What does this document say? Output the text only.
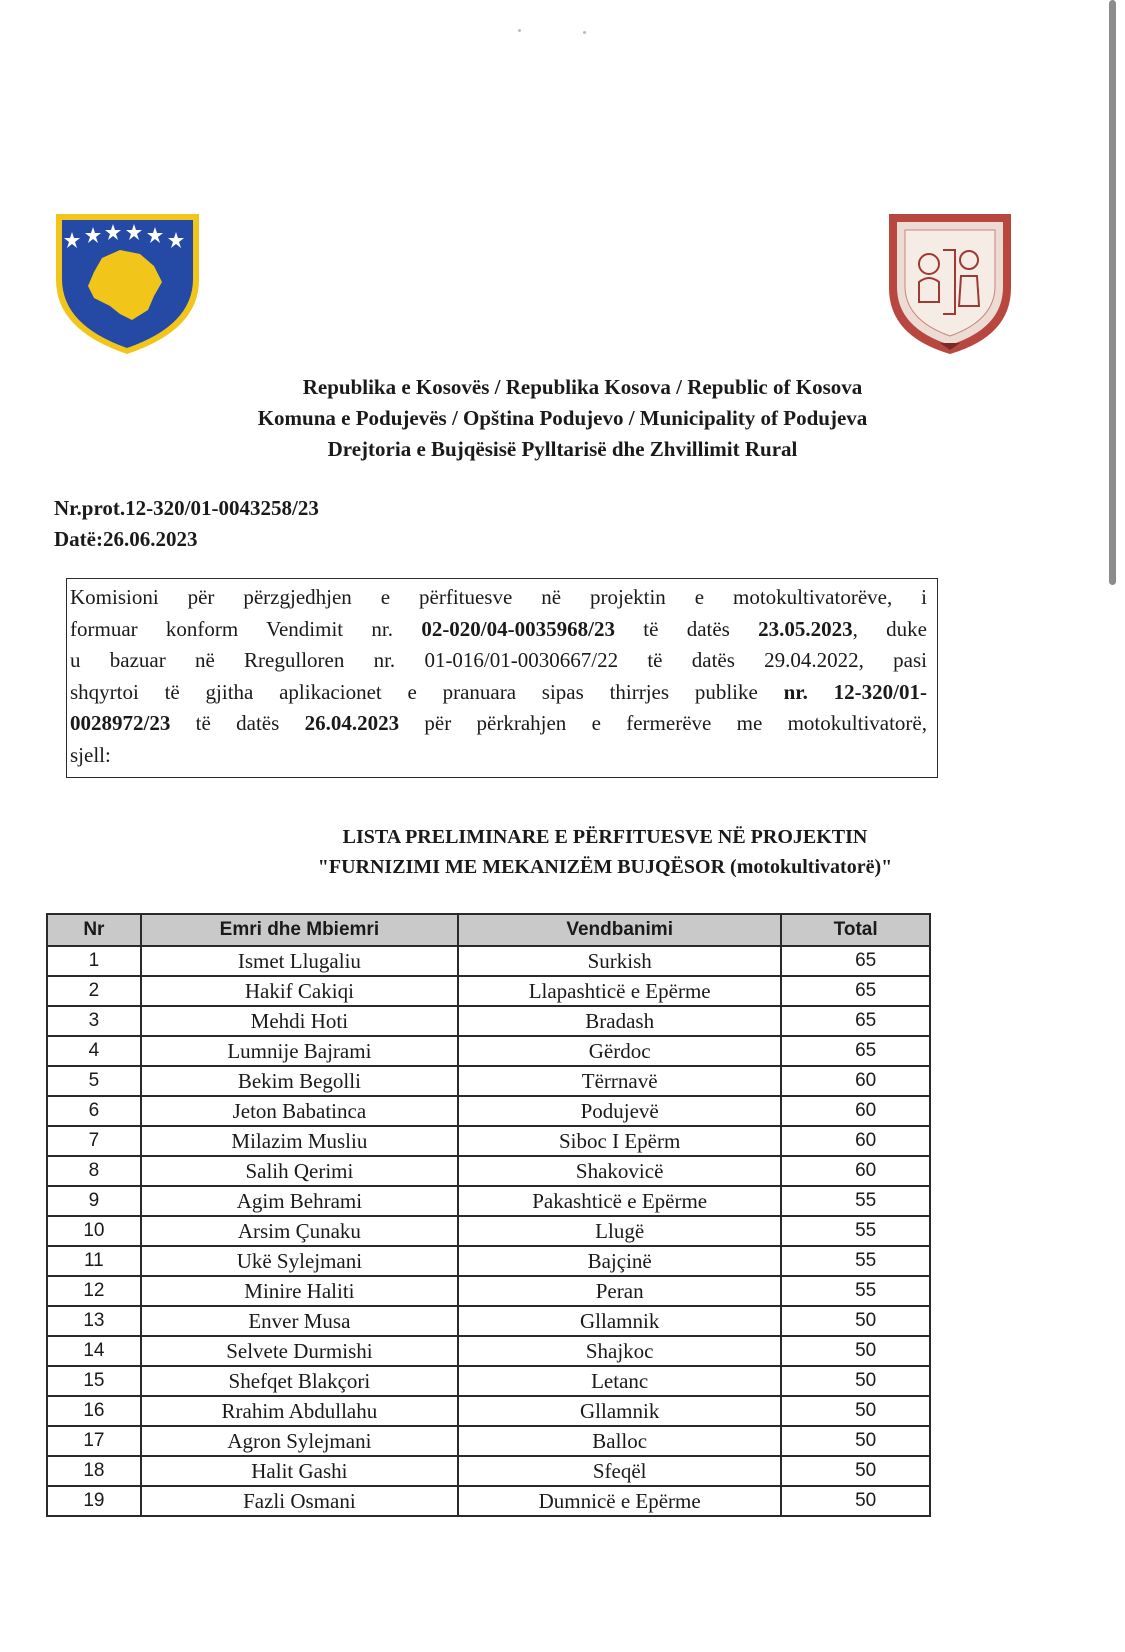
Republika e Kosovës / Republika Kosova / Republic of Kosova
Komuna e Podujevës / Opština Podujevo / Municipality of Podujeva
Drejtoria e Bujqësisë Pylltarisë dhe Zhvillimit Rural
Nr.prot.12-320/01-0043258/23
Datë:26.06.2023
Komisioni për përzgjedhjen e përfituesve në projektin e motokultivatorëve, i
formuar konform Vendimit nr. 02-020/04-0035968/23 të datës 23.05.2023, duke
u bazuar në Rregulloren nr. 01-016/01-0030667/22 të datës 29.04.2022, pasi
shqyrtoi të gjitha aplikacionet e pranuara sipas thirrjes publike nr. 12-320/01-
0028972/23 të datës 26.04.2023 për përkrahjen e fermerëve me motokultivatorë,
sjell:
LISTA PRELIMINARE E PËRFITUESVE NË PROJEKTIN
"FURNIZIMI ME MEKANIZËM BUJQËSOR (motokultivatorë)"
Nr	Emri dhe Mbiemri	Vendbanimi	Total
1	Ismet Llugaliu	Surkish	65
2	Hakif Cakiqi	Llapashticë e Epërme	65
3	Mehdi Hoti	Bradash	65
4	Lumnije Bajrami	Gërdoc	65
5	Bekim Begolli	Tërrnavë	60
6	Jeton Babatinca	Podujevë	60
7	Milazim Musliu	Siboc I Epërm	60
8	Salih Qerimi	Shakovicë	60
9	Agim Behrami	Pakashticë e Epërme	55
10	Arsim Çunaku	Llugë	55
11	Ukë Sylejmani	Bajçinë	55
12	Minire Haliti	Peran	55
13	Enver Musa	Gllamnik	50
14	Selvete Durmishi	Shajkoc	50
15	Shefqet Blakçori	Letanc	50
16	Rrahim Abdullahu	Gllamnik	50
17	Agron Sylejmani	Balloc	50
18	Halit Gashi	Sfeqël	50
19	Fazli Osmani	Dumnicë e Epërme	50
